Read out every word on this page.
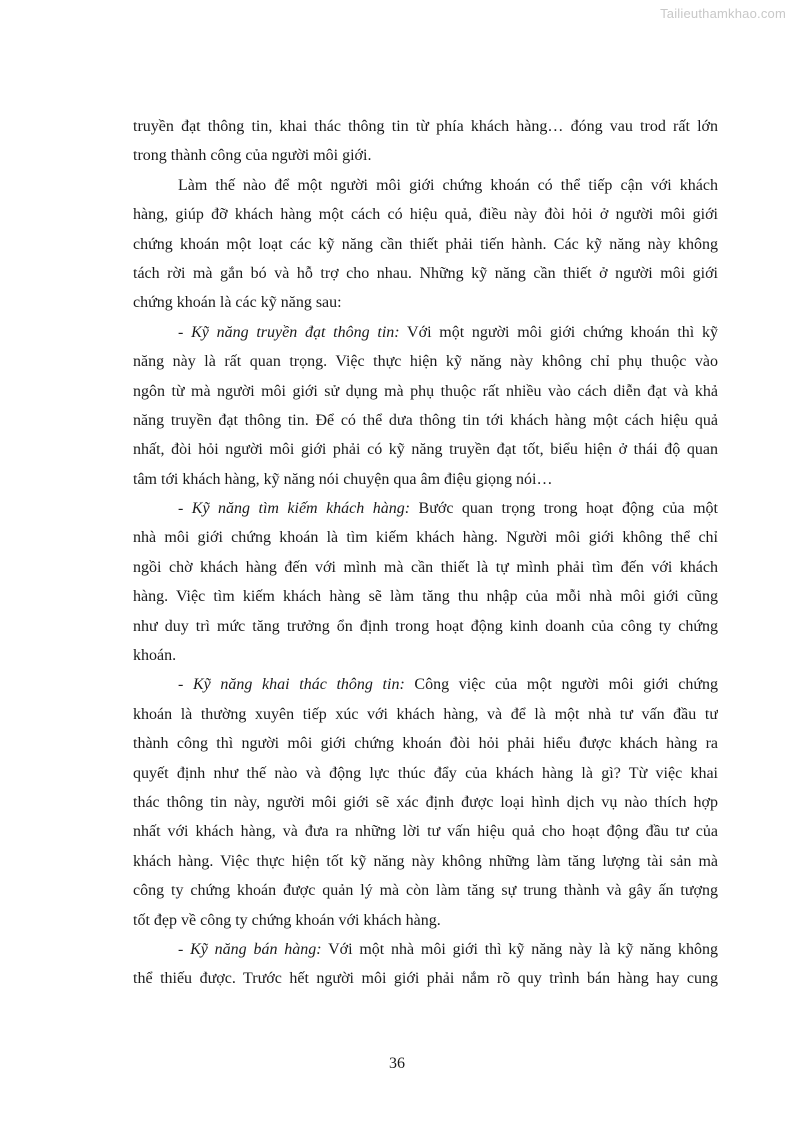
Tailieuthamkhao.com
truyền đạt thông tin, khai thác thông tin từ phía khách hàng… đóng vau trod rất lớn
trong thành công của người môi giới.
Làm thế nào để một người môi giới chứng khoán có thể tiếp cận với khách
hàng, giúp đỡ khách hàng một cách có hiệu quả, điều này đòi hỏi ở người môi giới
chứng khoán một loạt các kỹ năng cần thiết phải tiến hành. Các kỹ năng này không
tách rời mà gắn bó và hỗ trợ cho nhau. Những kỹ năng cần thiết ở người môi giới
chứng khoán là các kỹ năng sau:
- Kỹ năng truyền đạt thông tin: Với một người môi giới chứng khoán thì kỹ
năng này là rất quan trọng. Việc thực hiện kỹ năng này không chỉ phụ thuộc vào
ngôn từ mà người môi giới sử dụng mà phụ thuộc rất nhiều vào cách diễn đạt và khả
năng truyền đạt thông tin. Để có thể dưa thông tin tới khách hàng một cách hiệu quả
nhất, đòi hỏi người môi giới phải có kỹ năng truyền đạt tốt, biểu hiện ở thái độ quan
tâm tới khách hàng, kỹ năng nói chuyện qua âm điệu giọng nói…
- Kỹ năng tìm kiếm khách hàng: Bước quan trọng trong hoạt động của một
nhà môi giới chứng khoán là tìm kiếm khách hàng. Người môi giới không thể chỉ
ngồi chờ khách hàng đến với mình mà cần thiết là tự mình phải tìm đến với khách
hàng. Việc tìm kiếm khách hàng sẽ làm tăng thu nhập của mỗi nhà môi giới cũng
như duy trì mức tăng trưởng ổn định trong hoạt động kinh doanh của công ty chứng
khoán.
- Kỹ năng khai thác thông tin: Công việc của một người môi giới chứng
khoán là thường xuyên tiếp xúc với khách hàng, và để là một nhà tư vấn đầu tư
thành công thì người môi giới chứng khoán đòi hỏi phải hiểu được khách hàng ra
quyết định như thế nào và động lực thúc đẩy của khách hàng là gì? Từ việc khai
thác thông tin này, người môi giới sẽ xác định được loại hình dịch vụ nào thích hợp
nhất với khách hàng, và đưa ra những lời tư vấn hiệu quả cho hoạt động đầu tư của
khách hàng. Việc thực hiện tốt kỹ năng này không những làm tăng lượng tài sản mà
công ty chứng khoán được quản lý mà còn làm tăng sự trung thành và gây ấn tượng
tốt đẹp về công ty chứng khoán với khách hàng.
- Kỹ năng bán hàng: Với một nhà môi giới thì kỹ năng này là kỹ năng không
thể thiếu được. Trước hết người môi giới phải nắm rõ quy trình bán hàng hay cung
36
